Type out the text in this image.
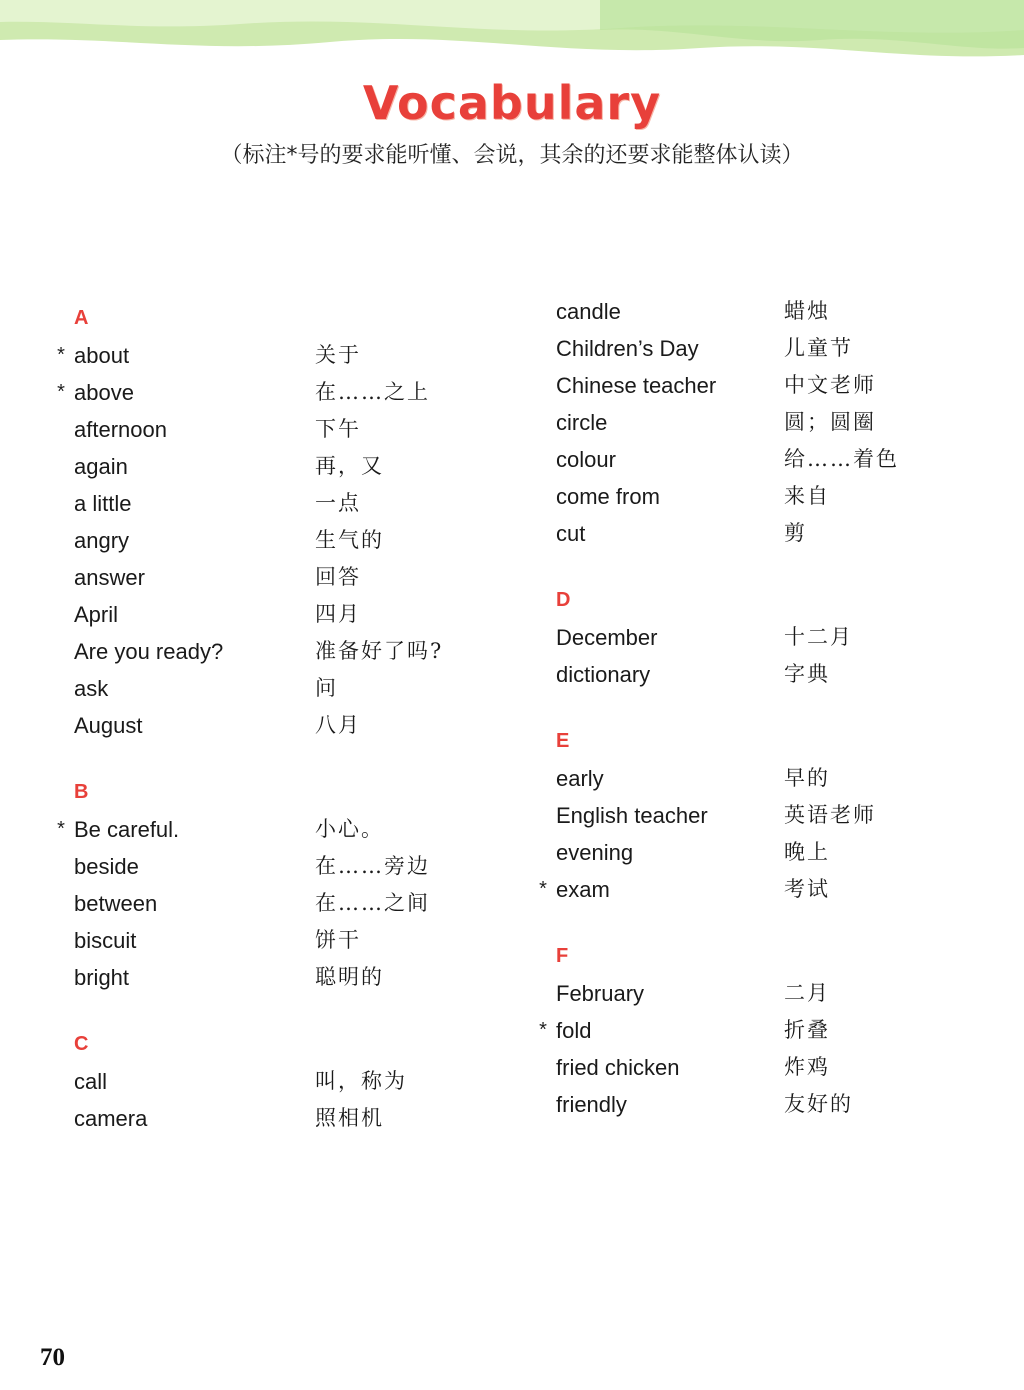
Vocabulary
（标注*号的要求能听懂、会说，其余的还要求能整体认读）
A
* about	关于
* above	在……之上
afternoon	下午
again	再，又
a little	一点
angry	生气的
answer	回答
April	四月
Are you ready?	准备好了吗?
ask	问
August	八月
B
* Be careful.	小心。
beside	在……旁边
between	在……之间
biscuit	饼干
bright	聪明的
C
call	叫，称为
camera	照相机
candle	蜡烛
Children’s Day	儿童节
Chinese teacher	中文老师
circle	圆；圆圈
colour	给……着色
come from	来自
cut	剪
D
December	十二月
dictionary	字典
E
early	早的
English teacher	英语老师
evening	晚上
* exam	考试
F
February	二月
* fold	折叠
fried chicken	炸鸡
friendly	友好的
70
